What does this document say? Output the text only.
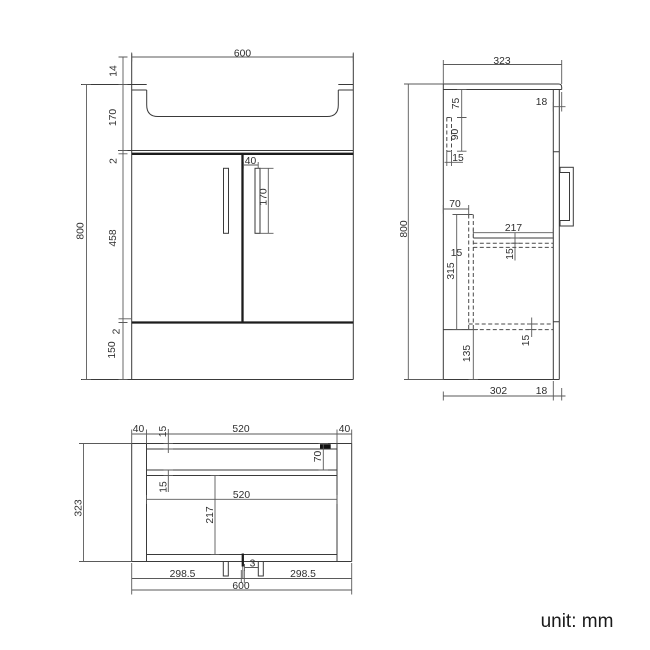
600
14
170
2
458
2
150
800
40
170
323
18
75
90
15
70
217
15	15
315
800
15
135
302	18
40 15	520	40
70
15
520
217
323
3
298.5	298.5
600
unit: mm
